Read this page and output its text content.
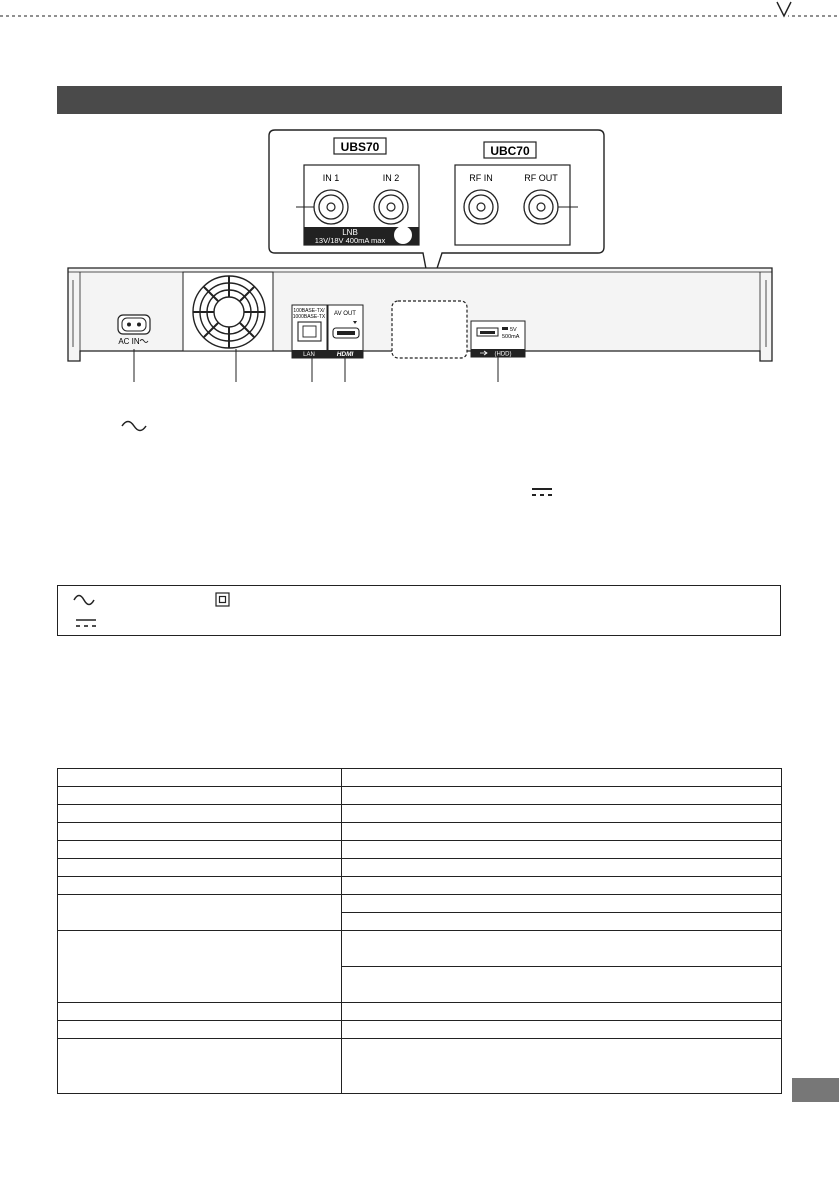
UBS70	UBC70
IN 1	IN 2
LNB
13V/18V 400mA max
RF IN	RF OUT
AC IN
100BASE-TX/
1000BASE-TX
LAN
AV OUT
HDMI
5V
500mA
(HDD)
